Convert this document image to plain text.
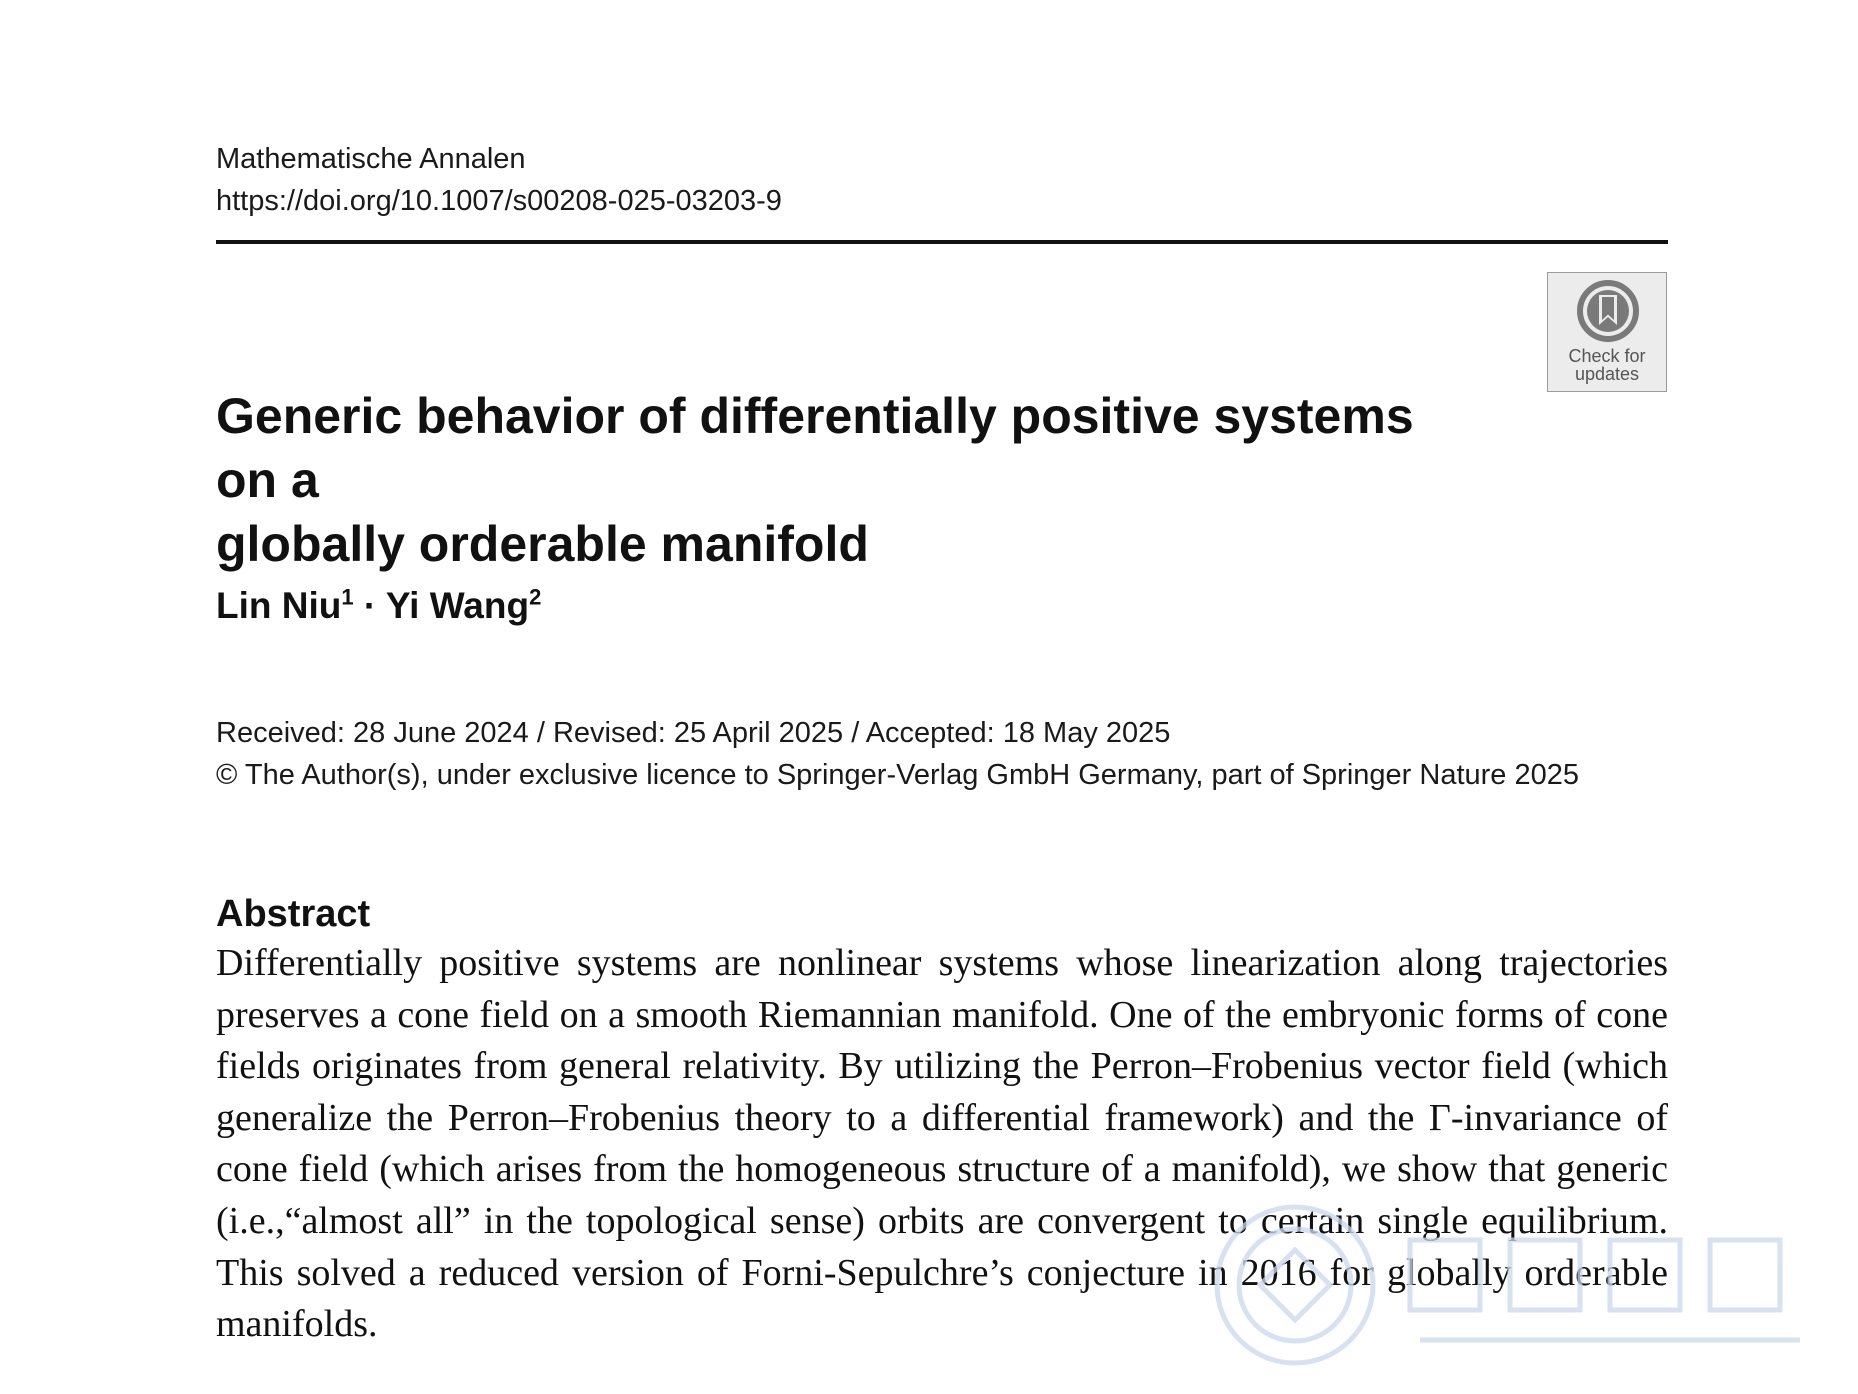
Mathematische Annalen
https://doi.org/10.1007/s00208-025-03203-9
Check for
updates
Generic behavior of differentially positive systems on a
globally orderable manifold
Lin Niu$^1$ · Yi Wang$^2$
Received: 28 June 2024 / Revised: 25 April 2025 / Accepted: 18 May 2025
© The Author(s), under exclusive licence to Springer-Verlag GmbH Germany, part of Springer Nature 2025
Abstract
Differentially positive systems are nonlinear systems whose linearization along trajectories preserves a cone field on a smooth Riemannian manifold. One of the embryonic forms of cone fields originates from general relativity. By utilizing the Perron–Frobenius vector field (which generalize the Perron–Frobenius theory to a differential framework) and the Γ-invariance of cone field (which arises from the homogeneous structure of a manifold), we show that generic (i.e.,“almost all” in the topological sense) orbits are convergent to certain single equilibrium. This solved a reduced version of Forni-Sepulchre’s conjecture in 2016 for globally orderable manifolds.
